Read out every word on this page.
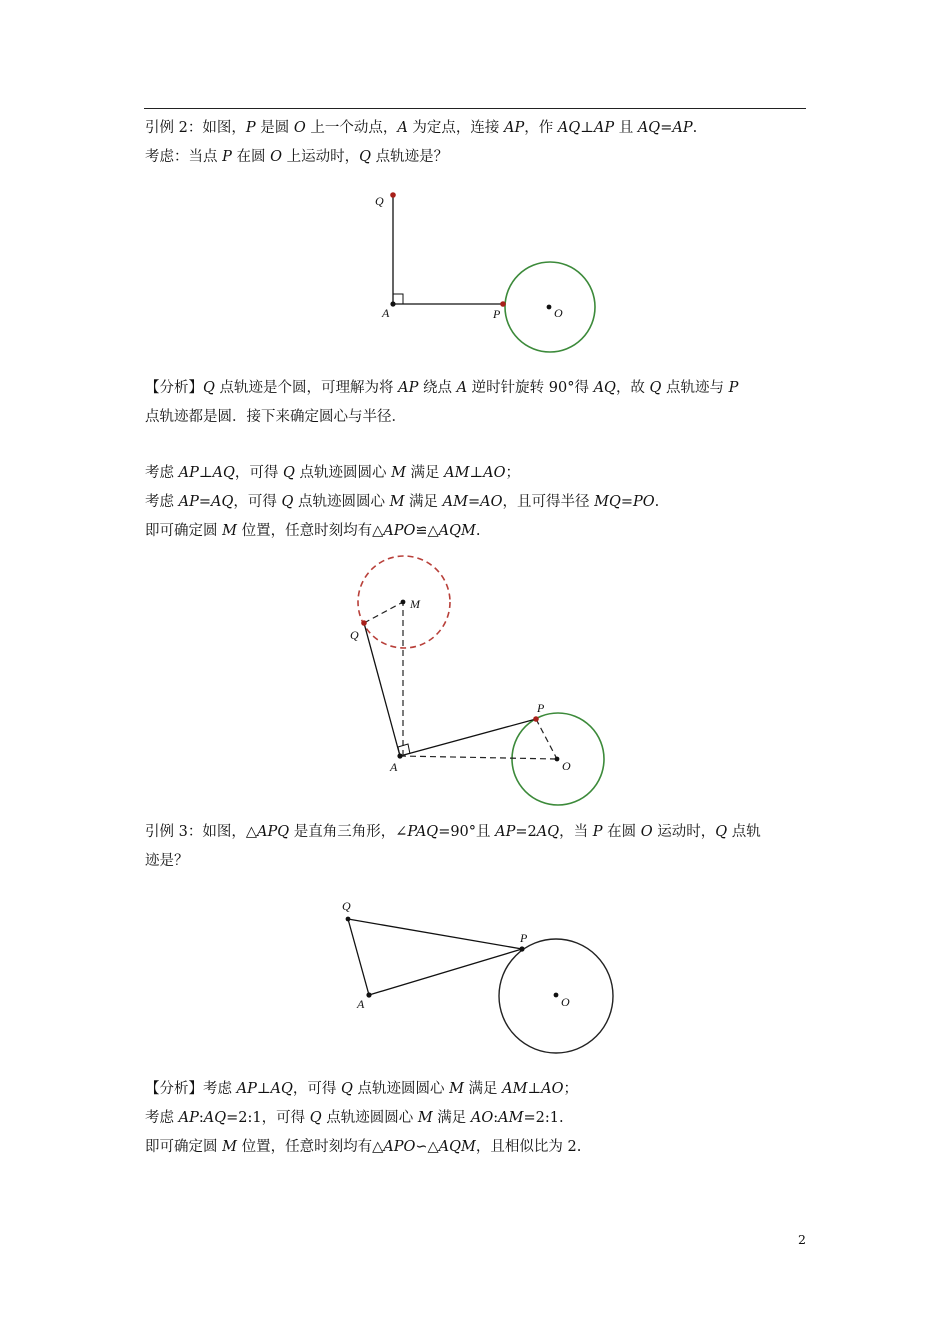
引例 2：如图，P 是圆 O 上一个动点，A 为定点，连接 AP，作 AQ⊥AP 且 AQ=AP.
考虑：当点 P 在圆 O 上运动时，Q 点轨迹是？
Q
A	P	O
【分析】Q 点轨迹是个圆，可理解为将 AP 绕点 A 逆时针旋转 90°得 AQ，故 Q 点轨迹与 P
点轨迹都是圆．接下来确定圆心与半径．
考虑 AP⊥AQ，可得 Q 点轨迹圆圆心 M 满足 AM⊥AO；
考虑 AP=AQ，可得 Q 点轨迹圆圆心 M 满足 AM=AO，且可得半径 MQ=PO.
即可确定圆 M 位置，任意时刻均有△APO≌△AQM.
M
Q
P
A	O
引例 3：如图，△APQ 是直角三角形，∠PAQ=90°且 AP=2AQ，当 P 在圆 O 运动时，Q 点轨
迹是？
Q
P
A	O
【分析】考虑 AP⊥AQ，可得 Q 点轨迹圆圆心 M 满足 AM⊥AO；
考虑 AP:AQ=2:1，可得 Q 点轨迹圆圆心 M 满足 AO:AM=2:1.
即可确定圆 M 位置，任意时刻均有△APO∽△AQM，且相似比为 2.
2
